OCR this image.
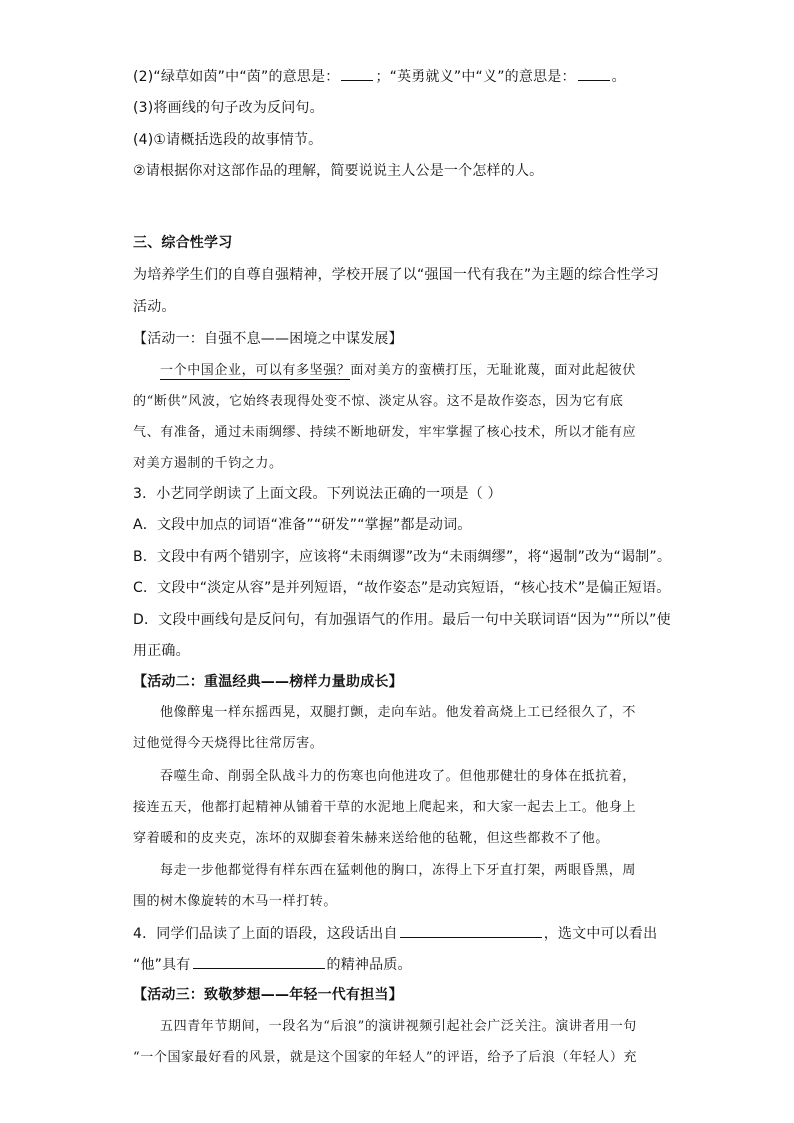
(2)“绿草如茵”中“茵”的意思是：	；“英勇就义”中“义”的意思是：	。
(3)将画线的句子改为反问句。
(4)①请概括选段的故事情节。
②请根据你对这部作品的理解，简要说说主人公是一个怎样的人。
三、综合性学习
为培养学生们的自尊自强精神，学校开展了以“强国一代有我在”为主题的综合性学习
活动。
【活动一：自强不息——困境之中谋发展】
一个中国企业，可以有多坚强？面对美方的蛮横打压，无耻讹蔑，面对此起彼伏
的“断供”风波，它始终表现得处变不惊、淡定从容。这不是故作姿态，因为它有底
气、有准备，通过未雨绸缪、持续不断地研发，牢牢掌握了核心技术，所以才能有应
对美方遏制的千钧之力。
3．小艺同学朗读了上面文段。下列说法正确的一项是（ ）
A．文段中加点的词语“准备”“研发”“掌握”都是动词。
B．文段中有两个错别字，应该将“未雨绸谬”改为“未雨绸缪”，将“遏制”改为“谒制”。
C．文段中“淡定从容”是并列短语，“故作姿态”是动宾短语，“核心技术”是偏正短语。
D．文段中画线句是反问句，有加强语气的作用。最后一句中关联词语“因为”“所以”使
用正确。
【活动二：重温经典——榜样力量助成长】
他像醉鬼一样东摇西晃，双腿打颤，走向车站。他发着高烧上工已经很久了，不
过他觉得今天烧得比往常厉害。
吞噬生命、削弱全队战斗力的伤寒也向他进攻了。但他那健壮的身体在抵抗着，
接连五天，他都打起精神从铺着干草的水泥地上爬起来，和大家一起去上工。他身上
穿着暖和的皮夹克，冻坏的双脚套着朱赫来送给他的毡靴，但这些都救不了他。
每走一步他都觉得有样东西在猛刺他的胸口，冻得上下牙直打架，两眼昏黑，周
围的树木像旋转的木马一样打转。
4．同学们品读了上面的语段，这段话出自	，选文中可以看出
“他”具有	的精神品质。
【活动三：致敬梦想——年轻一代有担当】
五四青年节期间，一段名为“后浪”的演讲视频引起社会广泛关注。演讲者用一句
“一个国家最好看的风景，就是这个国家的年轻人”的评语，给予了后浪（年轻人）充
